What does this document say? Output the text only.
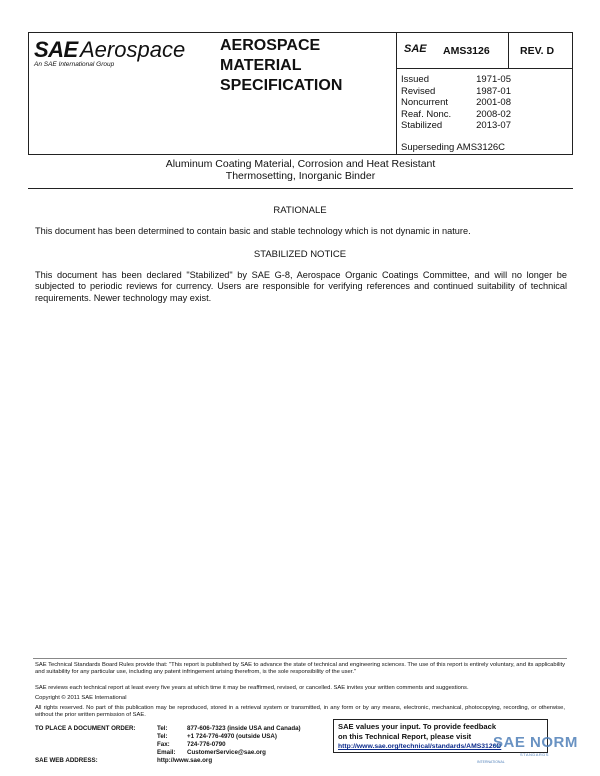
SAE Aerospace
An SAE International Group
AEROSPACE
MATERIAL
SPECIFICATION
SAE AMS3126	REV. D
Issued	1971-05
Revised	1987-01
Noncurrent	2001-08
Reaf. Nonc.	2008-02
Stabilized	2013-07
Superseding AMS3126C
Aluminum Coating Material, Corrosion and Heat Resistant
Thermosetting, Inorganic Binder
RATIONALE
This document has been determined to contain basic and stable technology which is not dynamic in nature.
STABILIZED NOTICE
This document has been declared "Stabilized" by SAE G-8, Aerospace Organic Coatings Committee, and will no longer be subjected to periodic reviews for currency. Users are responsible for verifying references and continued suitability of technical requirements. Newer technology may exist.
SAE Technical Standards Board Rules provide that: "This report is published by SAE to advance the state of technical and engineering sciences. The use of this report is entirely voluntary, and its applicability and suitability for any particular use, including any patent infringement arising therefrom, is the sole responsibility of the user."
SAE reviews each technical report at least every five years at which time it may be reaffirmed, revised, or cancelled. SAE invites your written comments and suggestions.
Copyright © 2011 SAE International
All rights reserved. No part of this publication may be reproduced, stored in a retrieval system or transmitted, in any form or by any means, electronic, mechanical, photocopying, recording, or otherwise, without the prior written permission of SAE.
TO PLACE A DOCUMENT ORDER:	Tel:	877-606-7323 (inside USA and Canada)
Tel:	+1 724-776-4970 (outside USA)
Fax:	724-776-0790
Email: CustomerService@sae.org
SAE WEB ADDRESS:	http://www.sae.org
SAE values your input. To provide feedback
on this Technical Report, please visit
http://www.sae.org/technical/standards/AMS3126D
SAE NORM
STANDARDS
INTERNATIONAL
